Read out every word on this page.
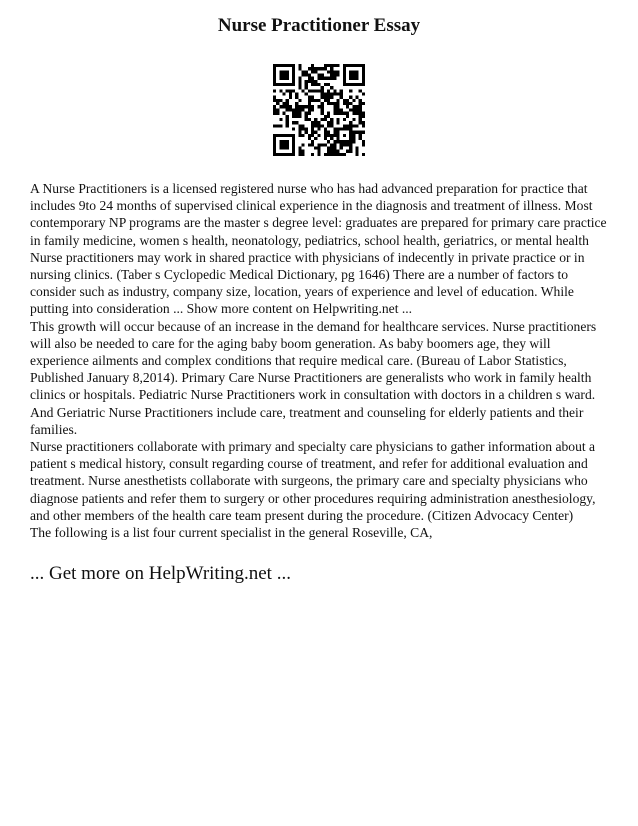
Nurse Practitioner Essay

A Nurse Practitioners is a licensed registered nurse who has had advanced preparation for practice that includes 9to 24 months of supervised clinical experience in the diagnosis and treatment of illness. Most contemporary NP programs are the master s degree level: graduates are prepared for primary care practice in family medicine, women s health, neonatology, pediatrics, school health, geriatrics, or mental health Nurse practitioners may work in shared practice with physicians of indecently in private practice or in nursing clinics. (Taber s Cyclopedic Medical Dictionary, pg 1646) There are a number of factors to consider such as industry, company size, location, years of experience and level of education. While putting into consideration ... Show more content on Helpwriting.net ...

This growth will occur because of an increase in the demand for healthcare services. Nurse practitioners will also be needed to care for the aging baby boom generation. As baby boomers age, they will experience ailments and complex conditions that require medical care. (Bureau of Labor Statistics, Published January 8,2014). Primary Care Nurse Practitioners are generalists who work in family health clinics or hospitals. Pediatric Nurse Practitioners work in consultation with doctors in a children s ward. And Geriatric Nurse Practitioners include care, treatment and counseling for elderly patients and their families.

Nurse practitioners collaborate with primary and specialty care physicians to gather information about a patient s medical history, consult regarding course of treatment, and refer for additional evaluation and treatment. Nurse anesthetists collaborate with surgeons, the primary care and specialty physicians who diagnose patients and refer them to surgery or other procedures requiring administration anesthesiology, and other members of the health care team present during the procedure. (Citizen Advocacy Center)

The following is a list four current specialist in the general Roseville, CA,

... Get more on HelpWriting.net ...
